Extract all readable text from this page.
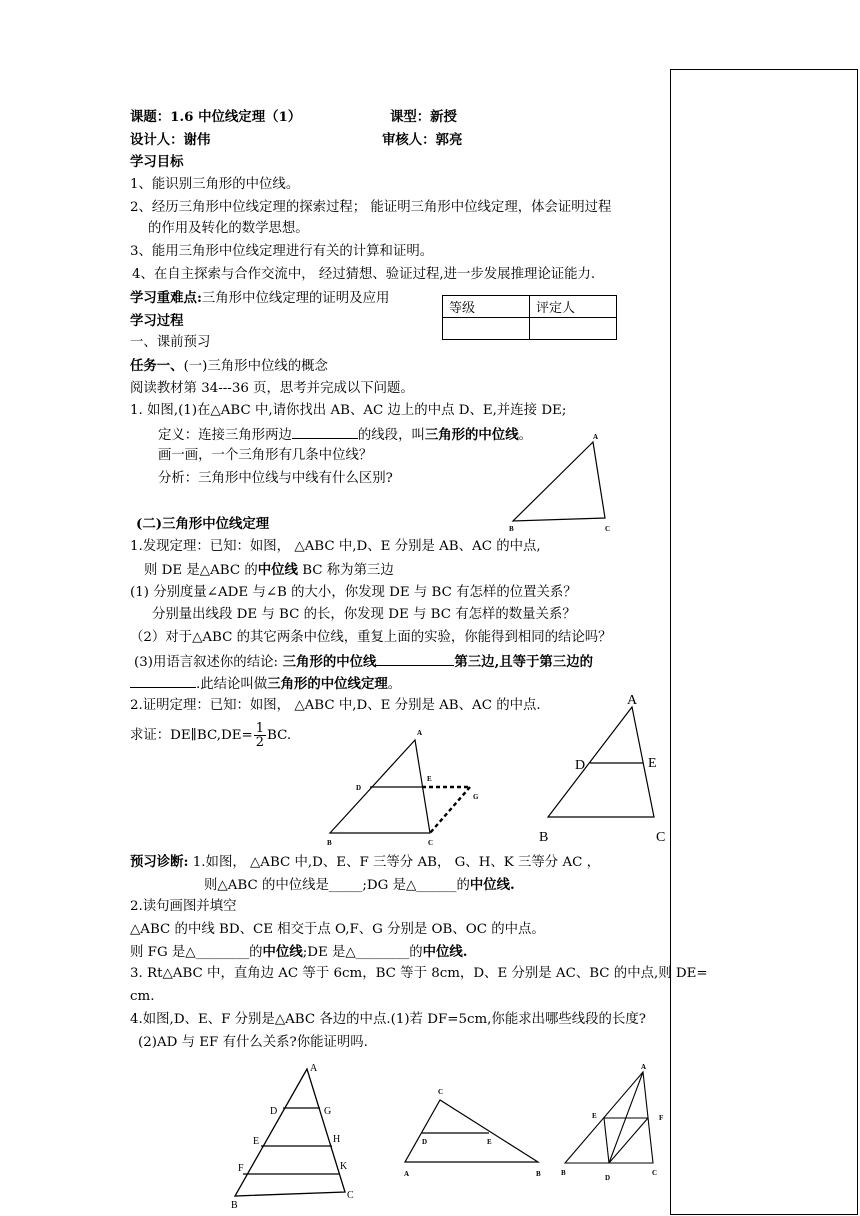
课题：1.6 中位线定理（1）	课型：新授
设计人：谢伟	审核人：郭亮
学习目标
1、能识别三角形的中位线。
2、经历三角形中位线定理的探索过程； 能证明三角形中位线定理，体会证明过程
的作用及转化的数学思想。
3、能用三角形中位线定理进行有关的计算和证明。
4、在自主探索与合作交流中， 经过猜想、验证过程,进一步发展推理论证能力.
学习重难点:三角形中位线定理的证明及应用
等级	评定人

学习过程
一、课前预习
任务一、(一)三角形中位线的概念
阅读教材第 34---36 页，思考并完成以下问题。
1. 如图,(1)在△ABC 中,请你找出 AB、AC 边上的中点 D、E,并连接 DE;
定义：连接三角形两边	的线段，叫三角形的中位线。
画一画，一个三角形有几条中位线？
分析：三角形中位线与中线有什么区别?
A
B	C
(二)三角形中位线定理
1.发现定理：已知：如图， △ABC 中,D、E 分别是 AB、AC 的中点,
则 DE 是△ABC 的中位线 BC 称为第三边
(1) 分别度量∠ADE 与∠B 的大小，你发现 DE 与 BC 有怎样的位置关系？
分别量出线段 DE 与 BC 的长，你发现 DE 与 BC 有怎样的数量关系？
（2）对于△ABC 的其它两条中位线，重复上面的实验，你能得到相同的结论吗？
(3)用语言叙述你的结论: 三角形的中位线	第三边,且等于第三边的
.此结论叫做三角形的中位线定理。
2.证明定理：已知：如图， △ABC 中,D、E 分别是 AB、AC 的中点.
求证：DE∥BC,DE= $\frac{1}{2}$ BC.	A
D
E
G
B	C
A
D	E
B	C
预习诊断: 1.如图， △ABC 中,D、E、F 三等分 AB， G、H、K 三等分 AC ，
则△ABC 的中位线是_____;DG 是△______的中位线.
2.读句画图并填空
△ABC 的中线 BD、CE 相交于点 O,F、G 分别是 OB、OC 的中点。
则 FG 是△________的中位线;DE 是△________的中位线.
3. Rt△ABC 中，直角边 AC 等于 6cm，BC 等于 8cm，D、E 分别是 AC、BC 的中点,则 DE=
cm.
4.如图,D、E、F 分别是△ABC 各边的中点.(1)若 DF=5cm,你能求出哪些线段的长度?
(2)AD 与 EF 有什么关系?你能证明吗.
A
D	G
E	H
F	K
B
C
C
D	E
A	B
A
E	F
B
D
C
